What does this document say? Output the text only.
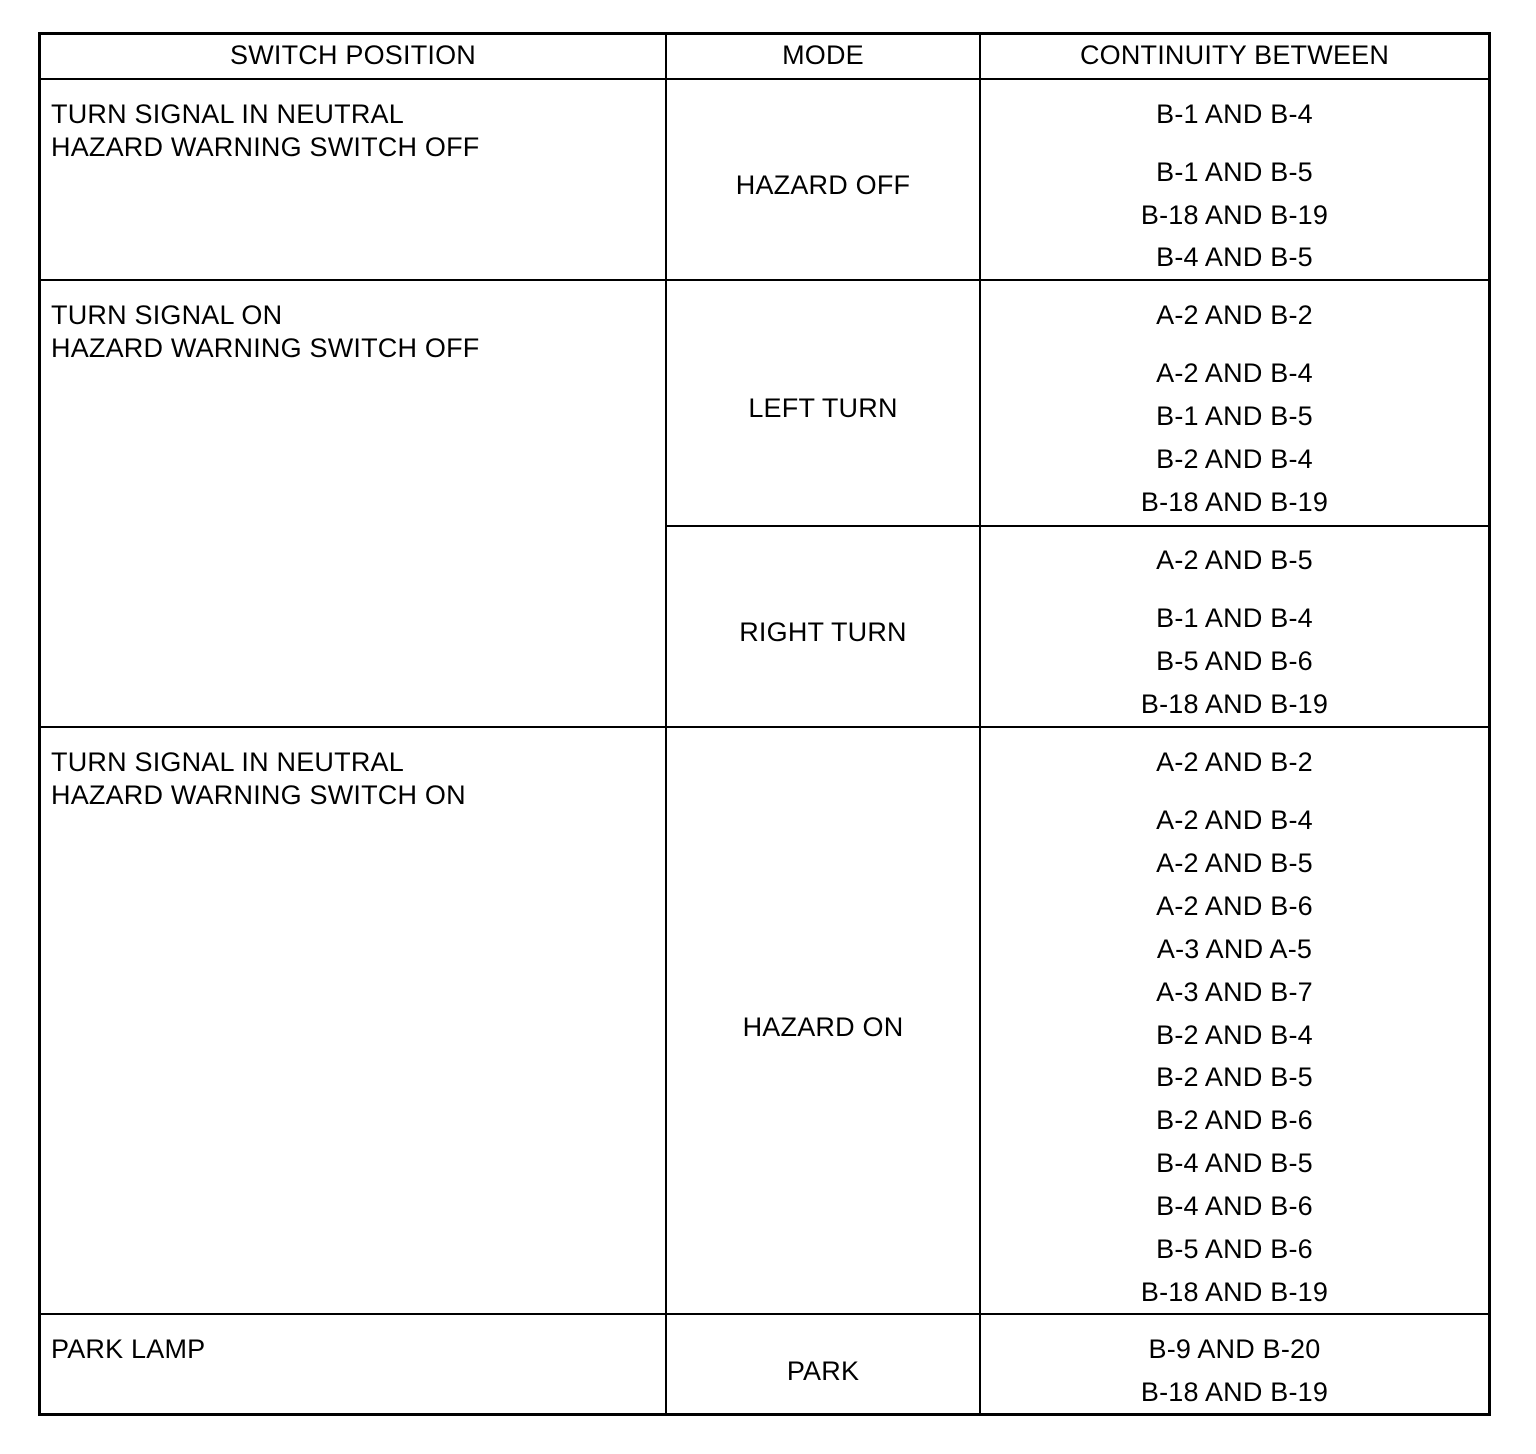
SWITCH POSITION	MODE	CONTINUITY BETWEEN
TURN SIGNAL IN NEUTRAL
HAZARD WARNING SWITCH OFF
HAZARD OFF
B-1 AND B-4
B-1 AND B-5
B-18 AND B-19
B-4 AND B-5
TURN SIGNAL ON
HAZARD WARNING SWITCH OFF
LEFT TURN
A-2 AND B-2
A-2 AND B-4
B-1 AND B-5
B-2 AND B-4
B-18 AND B-19
RIGHT TURN
A-2 AND B-5
B-1 AND B-4
B-5 AND B-6
B-18 AND B-19
TURN SIGNAL IN NEUTRAL
HAZARD WARNING SWITCH ON
HAZARD ON
A-2 AND B-2
A-2 AND B-4
A-2 AND B-5
A-2 AND B-6
A-3 AND A-5
A-3 AND B-7
B-2 AND B-4
B-2 AND B-5
B-2 AND B-6
B-4 AND B-5
B-4 AND B-6
B-5 AND B-6
B-18 AND B-19
PARK LAMP
PARK
B-9 AND B-20
B-18 AND B-19
